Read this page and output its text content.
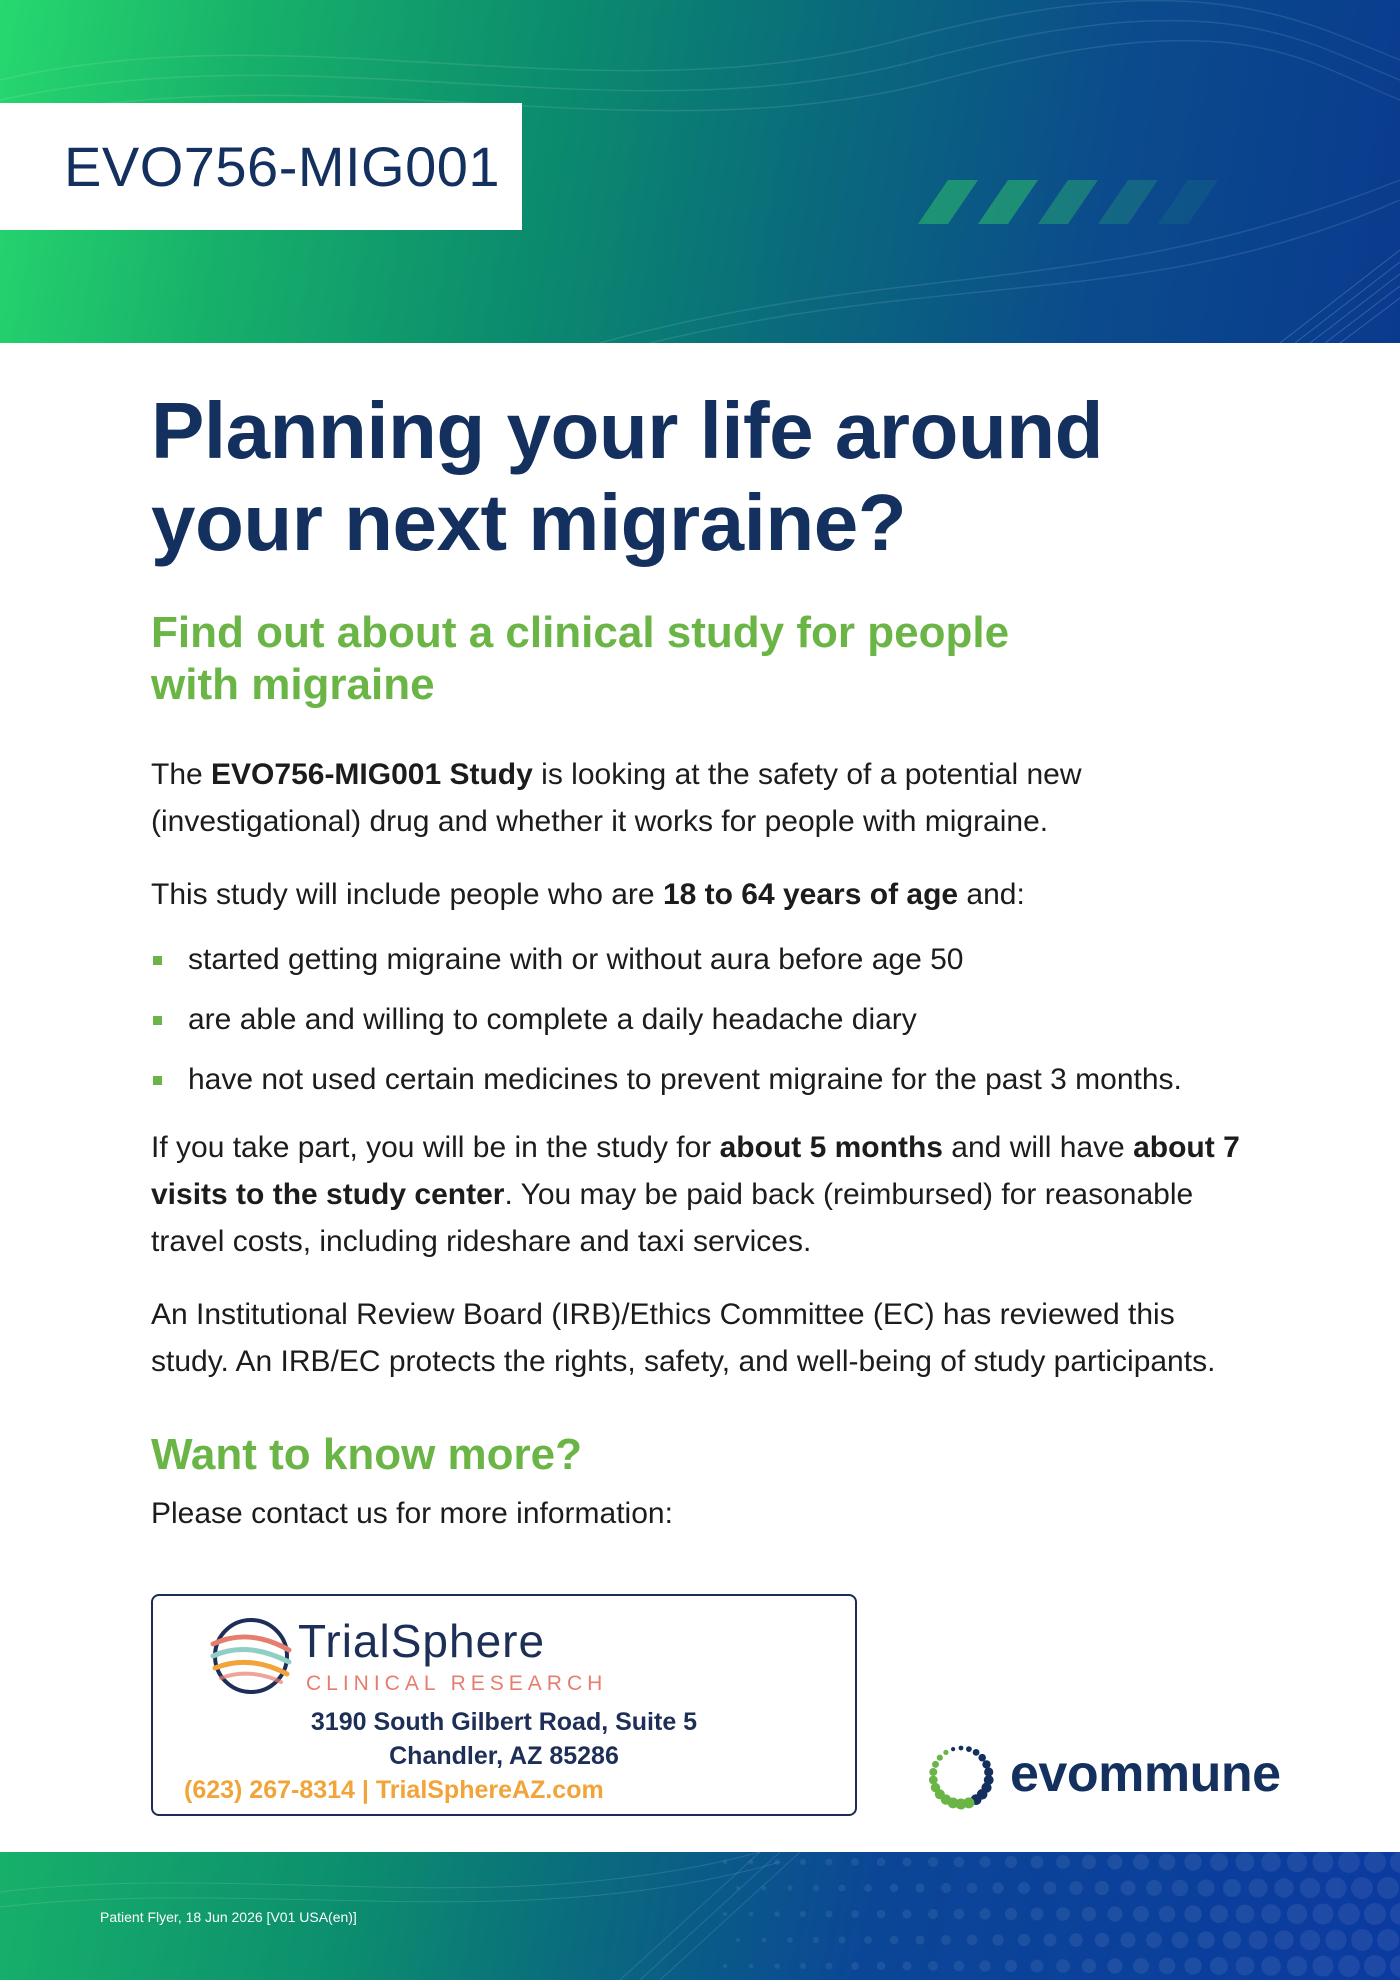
EVO756-MIG001
Planning your life around
your next migraine?
Find out about a clinical study for people
with migraine

The EVO756-MIG001 Study is looking at the safety of a potential new (investigational) drug and whether it works for people with migraine.

This study will include people who are 18 to 64 years of age and:

started getting migraine with or without aura before age 50
are able and willing to complete a daily headache diary
have not used certain medicines to prevent migraine for the past 3 months.

If you take part, you will be in the study for about 5 months and will have about 7 visits to the study center. You may be paid back (reimbursed) for reasonable travel costs, including rideshare and taxi services.

An Institutional Review Board (IRB)/Ethics Committee (EC) has reviewed this study. An IRB/EC protects the rights, safety, and well-being of study participants.

Want to know more?

Please contact us for more information:

TrialSphere
CLINICAL RESEARCH
3190 South Gilbert Road, Suite 5
Chandler, AZ 85286
(623) 267-8314 | TrialSphereAZ.com	evommune
Patient Flyer, 18 Jun 2026 [V01 USA(en)]
